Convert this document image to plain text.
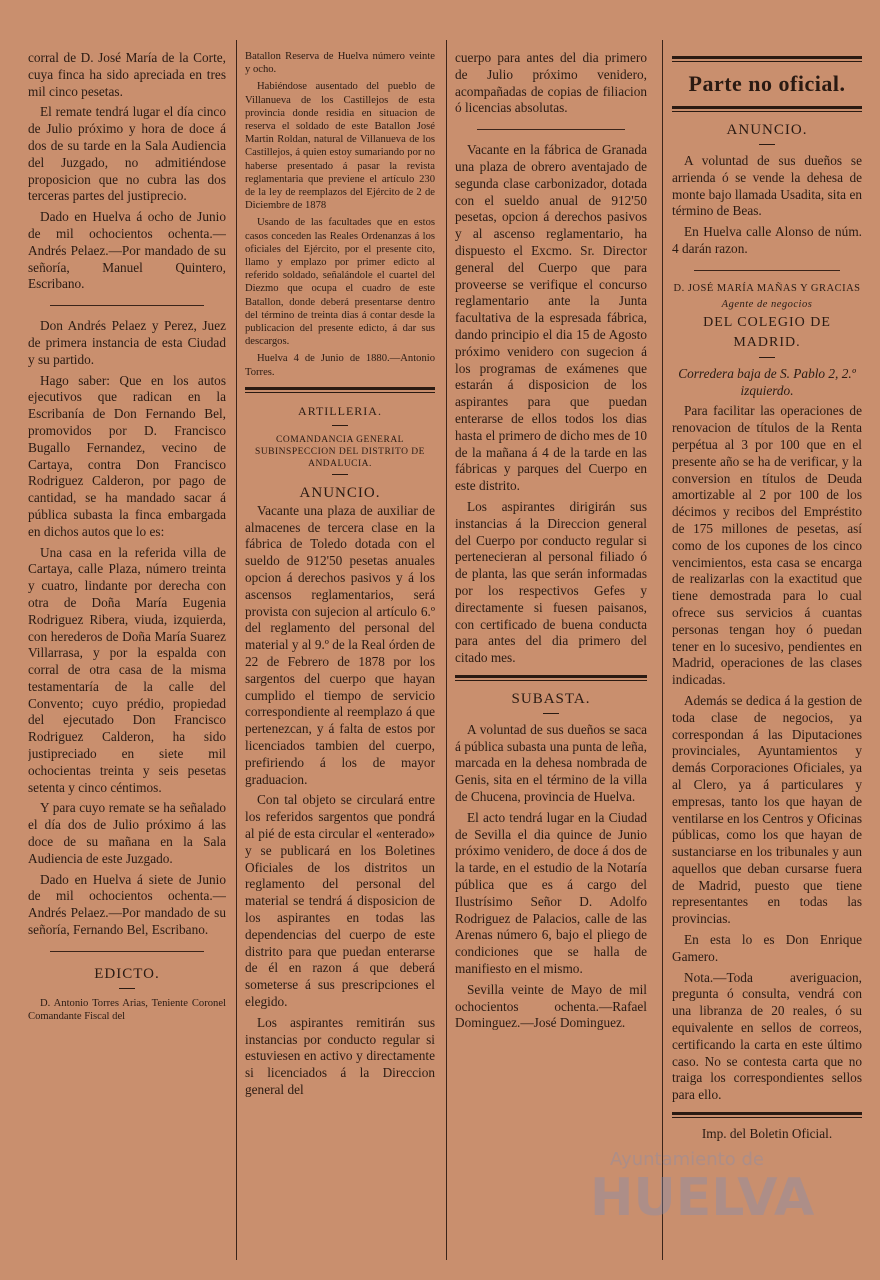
corral de D. José María de la Corte, cuya finca ha sido apreciada en tres mil cinco pesetas.

El remate tendrá lugar el día cinco de Julio próximo y hora de doce á dos de su tarde en la Sala Audiencia del Juzgado, no admitiéndose proposicion que no cubra las dos terceras partes del justiprecio.

Dado en Huelva á ocho de Junio de mil ochocientos ochenta.—Andrés Pelaez.—Por mandado de su señoría, Manuel Quintero, Escribano.

Don Andrés Pelaez y Perez, Juez de primera instancia de esta Ciudad y su partido.

Hago saber: Que en los autos ejecutivos que radican en la Escribanía de Don Fernando Bel, promovidos por D. Francisco Bugallo Fernandez, vecino de Cartaya, contra Don Francisco Rodriguez Calderon, por pago de cantidad, se ha mandado sacar á pública subasta la finca embargada en dichos autos que lo es:

Una casa en la referida villa de Cartaya, calle Plaza, número treinta y cuatro, lindante por derecha con otra de Doña María Eugenia Rodriguez Ribera, viuda, izquierda, con herederos de Doña María Suarez Villarrasa, y por la espalda con corral de otra casa de la misma testamentaría de la calle del Convento; cuyo prédio, propiedad del ejecutado Don Francisco Rodriguez Calderon, ha sido justipreciado en siete mil ochocientas treinta y seis pesetas setenta y cinco céntimos.

Y para cuyo remate se ha señalado el día dos de Julio próximo á las doce de su mañana en la Sala Audiencia de este Juzgado.

Dado en Huelva á siete de Junio de mil ochocientos ochenta.—Andrés Pelaez.—Por mandado de su señoría, Fernando Bel, Escribano.

EDICTO.

D. Antonio Torres Arias, Teniente Coronel Comandante Fiscal del

Batallon Reserva de Huelva número veinte y ocho.

Habiéndose ausentado del pueblo de Villanueva de los Castillejos de esta provincia donde residia en situacion de reserva el soldado de este Batallon José Martin Roldan, natural de Villanueva de los Castillejos, á quien estoy sumariando por no haberse presentado á pasar la revista reglamentaria que previene el artículo 230 de la ley de reemplazos del Ejército de 2 de Diciembre de 1878

Usando de las facultades que en estos casos conceden las Reales Ordenanzas á los oficiales del Ejército, por el presente cito, llamo y emplazo por primer edicto al referido soldado, señalándole el cuartel del Diezmo que ocupa el cuadro de este Batallon, donde deberá presentarse dentro del término de treinta dias á contar desde la publicacion del presente edicto, á dar sus descargos.

Huelva 4 de Junio de 1880.—Antonio Torres.

ARTILLERIA.
COMANDANCIA GENERAL SUBINSPECCION DEL DISTRITO DE ANDALUCIA.
ANUNCIO.

Vacante una plaza de auxiliar de almacenes de tercera clase en la fábrica de Toledo dotada con el sueldo de 912'50 pesetas anuales opcion á derechos pasivos y á los ascensos reglamentarios, será provista con sujecion al artículo 6.º del reglamento del personal del material y al 9.º de la Real órden de 22 de Febrero de 1878 por los sargentos del cuerpo que hayan cumplido el tiempo de servicio correspondiente al reemplazo á que pertenezcan, y á falta de estos por licenciados tambien del cuerpo, prefiriendo á los de mayor graduacion.

Con tal objeto se circulará entre los referidos sargentos que pondrá al pié de esta circular el «enterado» y se publicará en los Boletines Oficiales de los distritos un reglamento del personal del material se tendrá á disposicion de los aspirantes en todas las dependencias del cuerpo de este distrito para que puedan enterarse de él en razon á que deberá someterse á sus prescripciones el elegido.

Los aspirantes remitirán sus instancias por conducto regular si estuviesen en activo y directamente si licenciados á la Direccion general del

cuerpo para antes del dia primero de Julio próximo venidero, acompañadas de copias de filiacion ó licencias absolutas.

Vacante en la fábrica de Granada una plaza de obrero aventajado de segunda clase carbonizador, dotada con el sueldo anual de 912'50 pesetas, opcion á derechos pasivos y al ascenso reglamentario, ha dispuesto el Excmo. Sr. Director general del Cuerpo que para proveerse se verifique el concurso reglamentario ante la Junta facultativa de la espresada fábrica, dando principio el dia 15 de Agosto próximo venidero con sugecion á los programas de exámenes que estarán á disposicion de los aspirantes para que puedan enterarse de ellos todos los dias hasta el primero de dicho mes de 10 de la mañana á 4 de la tarde en las fábricas y parques del Cuerpo en este distrito.

Los aspirantes dirigirán sus instancias á la Direccion general del Cuerpo por conducto regular si pertenecieran al personal filiado ó de planta, las que serán informadas por los respectivos Gefes y directamente si fuesen paisanos, con certificado de buena conducta para antes del dia primero del citado mes.

SUBASTA.

A voluntad de sus dueños se saca á pública subasta una punta de leña, marcada en la dehesa nombrada de Genis, sita en el término de la villa de Chucena, provincia de Huelva.

El acto tendrá lugar en la Ciudad de Sevilla el dia quince de Junio próximo venidero, de doce á dos de la tarde, en el estudio de la Notaría pública que es á cargo del Ilustrísimo Señor D. Adolfo Rodriguez de Palacios, calle de las Arenas número 6, bajo el pliego de condiciones que se halla de manifiesto en el mismo.

Sevilla veinte de Mayo de mil ochocientos ochenta.—Rafael Dominguez.—José Dominguez.

Parte no oficial.
ANUNCIO.

A voluntad de sus dueños se arrienda ó se vende la dehesa de monte bajo llamada Usadita, sita en término de Beas.

En Huelva calle Alonso de núm. 4 darán razon.

D. JOSÉ MARÍA MAÑAS Y GRACIAS
Agente de negocios
DEL COLEGIO DE MADRID.

Corredera baja de S. Pablo 2, 2.º izquierdo.

Para facilitar las operaciones de renovacion de títulos de la Renta perpétua al 3 por 100 que en el presente año se ha de verificar, y la conversion en títulos de Deuda amortizable al 2 por 100 de los décimos y recibos del Empréstito de 175 millones de pesetas, así como de los cupones de los cinco vencimientos, esta casa se encarga de realizarlas con la exactitud que tiene demostrada para lo cual ofrece sus servicios á cuantas personas tengan hoy ó puedan tener en lo sucesivo, pendientes en Madrid, operaciones de las clases indicadas.

Además se dedica á la gestion de toda clase de negocios, ya correspondan á las Diputaciones provinciales, Ayuntamientos y demás Corporaciones Oficiales, ya al Clero, ya á particulares y empresas, tanto los que hayan de ventilarse en los Centros y Oficinas públicas, como los que hayan de sustanciarse en los tribunales y aun aquellos que deban cursarse fuera de Madrid, puesto que tiene representantes en todas las provincias.

En esta lo es Don Enrique Gamero.

Nota.—Toda averiguacion, pregunta ó consulta, vendrá con una libranza de 20 reales, ó su equivalente en sellos de correos, certificando la carta en este último caso. No se contesta carta que no traiga los correspondientes sellos para ello.

Imp. del Boletin Oficial.

Ayuntamiento de
HUELVA
